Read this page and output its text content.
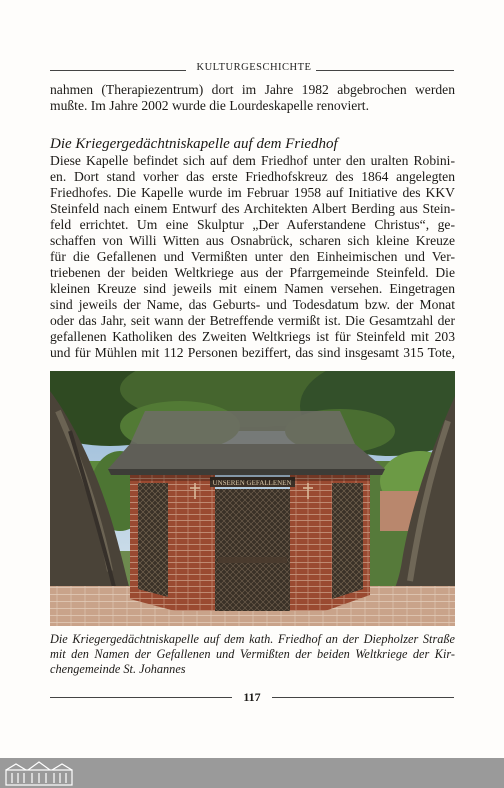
KULTURGESCHICHTE
nahmen (Therapiezentrum) dort im Jahre 1982 abgebrochen werden
mußte. Im Jahre 2002 wurde die Lourdeskapelle renoviert.
Die Kriegergedächtniskapelle auf dem Friedhof
Diese Kapelle befindet sich auf dem Friedhof unter den uralten Robini-
en. Dort stand vorher das erste Friedhofskreuz des 1864 angelegten
Friedhofes. Die Kapelle wurde im Februar 1958 auf Initiative des KKV
Steinfeld nach einem Entwurf des Architekten Albert Berding aus Stein-
feld errichtet. Um eine Skulptur „Der Auferstandene Christus“, ge-
schaffen von Willi Witten aus Osnabrück, scharen sich kleine Kreuze
für die Gefallenen und Vermißten unter den Einheimischen und Ver-
triebenen der beiden Weltkriege aus der Pfarrgemeinde Steinfeld. Die
kleinen Kreuze sind jeweils mit einem Namen versehen. Eingetragen
sind jeweils der Name, das Geburts- und Todesdatum bzw. der Monat
oder das Jahr, seit wann der Betreffende vermißt ist. Die Gesamtzahl der
gefallenen Katholiken des Zweiten Weltkriegs ist für Steinfeld mit 203
und für Mühlen mit 112 Personen beziffert, das sind insgesamt 315 Tote,
UNSEREN GEFALLENEN
Die Kriegergedächtniskapelle auf dem kath. Friedhof an der Diepholzer Straße
mit den Namen der Gefallenen und Vermißten der beiden Weltkriege der Kir-
chengemeinde St. Johannes
117
